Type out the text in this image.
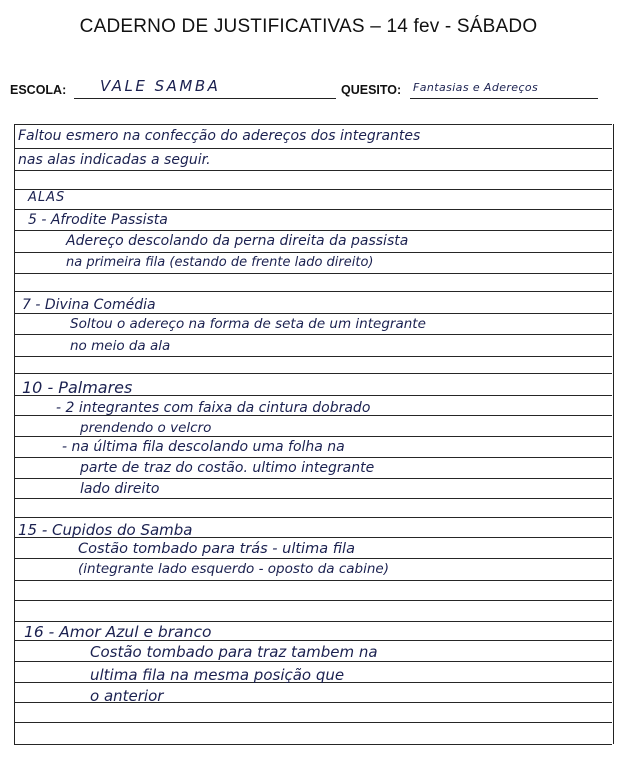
CADERNO DE JUSTIFICATIVAS – 14 fev - SÁBADO
ESCOLA: VALE SAMBA	QUESITO: Fantasias e Adereços
Faltou esmero na confecção do adereços dos integrantes
nas alas indicadas a seguir.
ALAS
5 - Afrodite Passista
Adereço descolando da perna direita da passista
na primeira fila (estando de frente lado direito)
7 - Divina Comédia
Soltou o adereço na forma de seta de um integrante
no meio da ala
10 - Palmares
- 2 integrantes com faixa da cintura dobrado
prendendo o velcro
- na última fila descolando uma folha na
parte de traz do costão. ultimo integrante
lado direito
15 - Cupidos do Samba
Costão tombado para trás - ultima fila
(integrante lado esquerdo - oposto da cabine)
16 - Amor Azul e branco
Costão tombado para traz tambem na
ultima fila na mesma posição que
o anterior
